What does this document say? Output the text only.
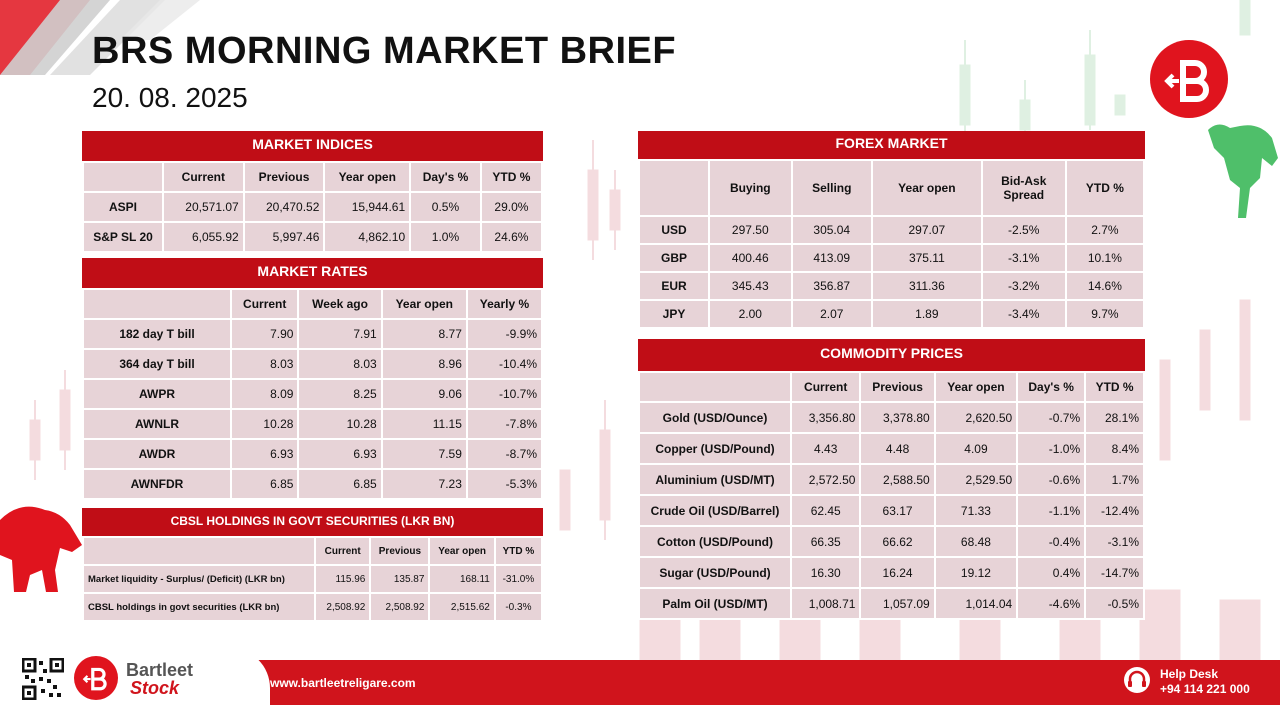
BRS MORNING MARKET BRIEF
20. 08. 2025
MARKET INDICES
	Current	Previous	Year open	Day's %	YTD %
ASPI	20,571.07	20,470.52	15,944.61	0.5%	29.0%
S&P SL 20	6,055.92	5,997.46	4,862.10	1.0%	24.6%
MARKET RATES
	Current	Week ago	Year open	Yearly %
182 day T bill	7.90	7.91	8.77	-9.9%
364 day T bill	8.03	8.03	8.96	-10.4%
AWPR	8.09	8.25	9.06	-10.7%
AWNLR	10.28	10.28	11.15	-7.8%
AWDR	6.93	6.93	7.59	-8.7%
AWNFDR	6.85	6.85	7.23	-5.3%
CBSL HOLDINGS IN GOVT SECURITIES (LKR BN)
	Current	Previous	Year open	YTD %
Market liquidity - Surplus/ (Deficit) (LKR bn)	115.96	135.87	168.11	-31.0%
CBSL holdings in govt securities (LKR bn)	2,508.92	2,508.92	2,515.62	-0.3%
FOREX MARKET
	Buying	Selling	Year open	Bid-Ask Spread	YTD %
USD	297.50	305.04	297.07	-2.5%	2.7%
GBP	400.46	413.09	375.11	-3.1%	10.1%
EUR	345.43	356.87	311.36	-3.2%	14.6%
JPY	2.00	2.07	1.89	-3.4%	9.7%
COMMODITY PRICES
	Current	Previous	Year open	Day's %	YTD %
Gold (USD/Ounce)	3,356.80	3,378.80	2,620.50	-0.7%	28.1%
Copper (USD/Pound)	4.43	4.48	4.09	-1.0%	8.4%
Aluminium (USD/MT)	2,572.50	2,588.50	2,529.50	-0.6%	1.7%
Crude Oil (USD/Barrel)	62.45	63.17	71.33	-1.1%	-12.4%
Cotton (USD/Pound)	66.35	66.62	68.48	-0.4%	-3.1%
Sugar (USD/Pound)	16.30	16.24	19.12	0.4%	-14.7%
Palm Oil (USD/MT)	1,008.71	1,057.09	1,014.04	-4.6%	-0.5%
Bartleet
Stock	www.bartleetreligare.com
Help Desk
+94 114 221 000
